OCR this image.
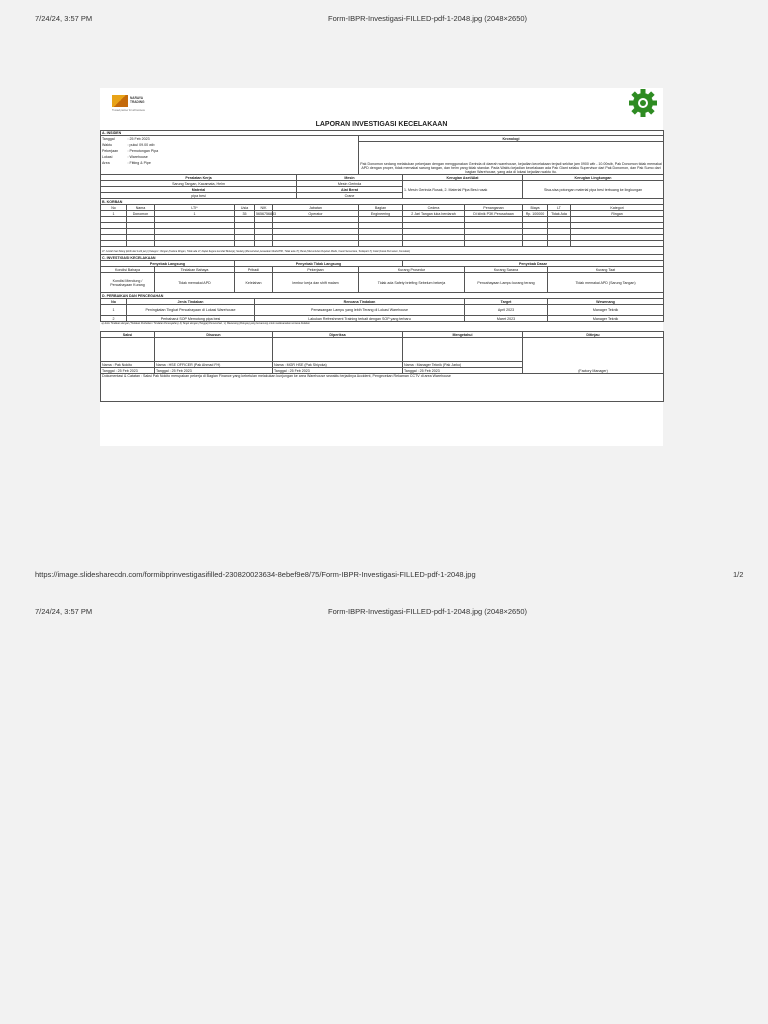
7/24/24, 3:57 PM	Form-IBPR-Investigasi-FILLED-pdf-1-2048.jpg (2048×2650)
NARAYA
TRADING
Trusted partner for all business
LAPORAN INVESTIGASI KECELAKAAN
A. INSIDEN												
Tanggal	: 25 Feb 2023						Kronologi					
Waktu	: pukul 09.00 wib						Pak Donomon sedang melakukan pekerjaan dengan menggunakan Gerinda di daerah warehouse, kejadian kecelakaan terjadi sekitar jam 0900 wib - 10.00wib, Pak Donomon tidak memakai APD dengan proper, tidak memakai sarung tangan, dan helm yang tidak standar. Pada Waktu kejadian kecelakaan ada Pak Giant selaku Supervisor dari Pak Donomon, dan Pak Sumo dari bagian Warehouse, yang ada di lokasi kejadian waktu itu.					
Pekerjaan	: Pemotongan Pipa											
Lokasi	: Warehouse											
Area	: Fitting & Pipe											

Peralatan Kerja						Mesin		Kerugian Aset/Alat		Kerugian Lingkungan		
Sarung Tangan, Kacamata, Helm						Mesin Gerinda		1. Mesin Gerinda Rusak, 2. Material Pipa Besi rusak		Sisa-sisa potongan material pipa besi terbuang ke lingkungan		
Material						Alat Berat						
pipa besi						Crane						
B. KORBAN												
No	Nama	LTI*	Usia	NIK	Jabatan		Bagian	Cedera	Penanganan	Biaya	LT	Kategori
1	Donomon	1	35	5656756883	Operator		Engineering	2 Jari Tangan luka berdarah	Di klinik P3K Perusahaan	Rp. 100000	Tidak Ada	Ringan

LT: Jumlah hari hilang (lebih dari 1x24 jam) | Kategori : Ringan (Cedera Ringan, Tidak ada LT, Dapat Segera kembali Bekerja); Sedang (Memerlukan perawatan Medis/P3K, Tidak ada LT); Berat (Memerlukan Rujukan Medis, Cacat Sementara, Terdapat LT); Fatal (Cacat Permanen, Kematian)												
C. INVESTIGASI KECELAKAAN												
Penyebab Langsung			Penyebab Tidak Langsung					Penyebab Dasar				
Kondisi Bahaya		Tindakan Bahaya	Pribadi		Pekerjaan		Kurang Prosedur		Kurang Sarana		Kurang Taat	
Kondisi Mendung / Pencahayaan Kurang		Tidak memakai APD	Kelelahan		lembur kerja dan shift malam		Tidak ada Safety briefing Sebelum bekerja		Pencahayaan Lampu kurang terang		Tidak memakai APD (Sarung Tangan)	
D. PERBAIKAN DAN PENCEGAHAN												
No	Jenis Tindakan			Rencana Tindakan					Target		Wewenang	
1	Peningkatan Tingkat Pencahayaan di Lokasi Warehouse			Pemasangan Lampu yang lebih Terang di Lokasi Warehouse					April 2023		Manager Teknik	
2	Perbaharui SOP Memotong pipa besi			Lakukan Refreshment Training terkait dengan SOP yang terbaru					Maret 2023		Manager Teknik	
a) Jenis Tindakan dengan (Tindakan Perbaikan / Tindakan Pencegahan), b) Target dengan (Tanggal) Pemenuhan ; c) Wewenang (Petugas) yang bersamung untuk melaksanakan rencana tindakan												

Saksi		Disusun			Diperiksa			Mengetahui		Ditinjau		
										(Factory Manager)		
Nama : Pak Nokito		Nama : HSE OFFICER (Pak Ahmad FH)			Nama : MGR HSE (Pak Shiyoka)			Nama : Manager Teknik (Pak Jarko)				
Tanggal : 25 Feb 2023		Tanggal : 25 Feb 2023			Tanggal : 25 Feb 2023			Tanggal : 25 Feb 2023				
Dokumentasi & Catatan : Saksi Pak Nokito merupakan pekerja di Bagian Finance yang kebetulan melakukan kunjungan ke area Warehouse sewaktu terjadinya Accident, Pengecekan Rekaman CCTV di area Warehouse												
https://image.slidesharecdn.com/formibprinvestigasifilled-230820023634-8ebef9e8/75/Form-IBPR-Investigasi-FILLED-pdf-1-2048.jpg	1/2
7/24/24, 3:57 PM	Form-IBPR-Investigasi-FILLED-pdf-1-2048.jpg (2048×2650)
